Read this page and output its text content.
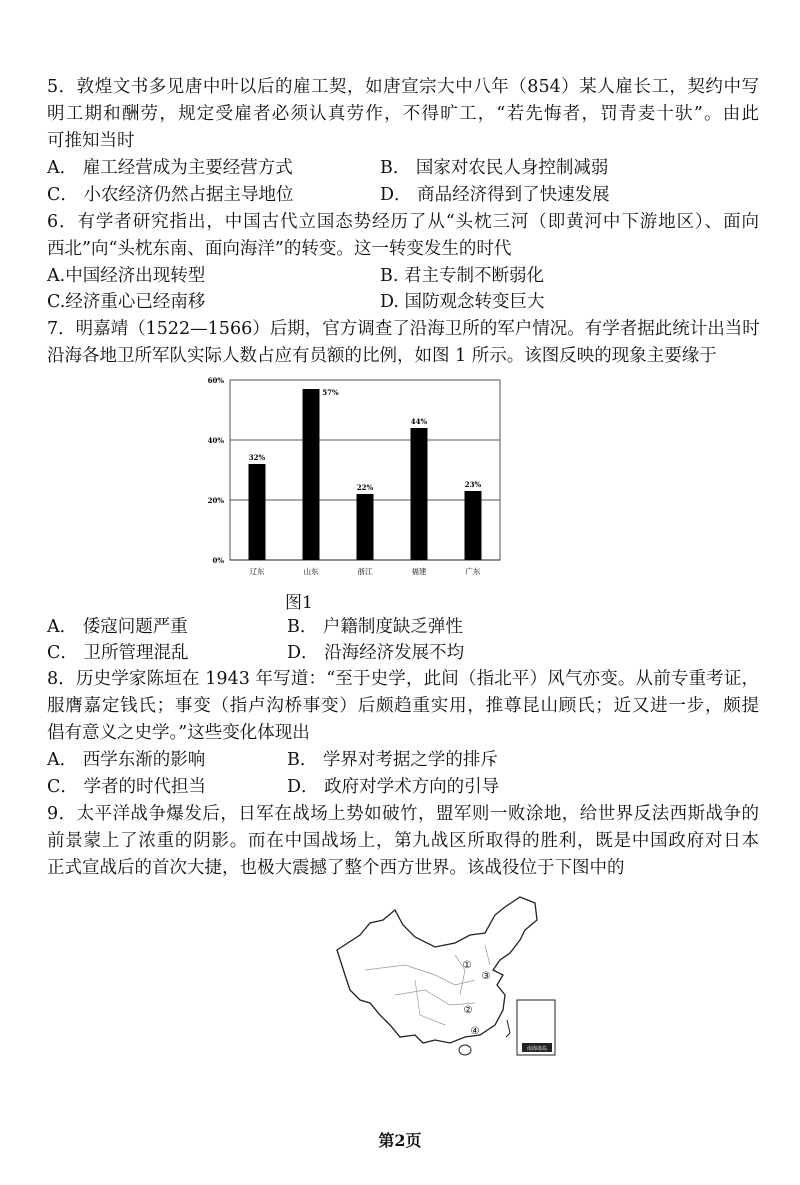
5．敦煌文书多见唐中叶以后的雇工契，如唐宣宗大中八年（854）某人雇长工，契约中写
明工期和酬劳，规定受雇者必须认真劳作，不得旷工，“若先悔者，罚青麦十驮”。由此
可推知当时
A． 雇工经营成为主要经营方式	B． 国家对农民人身控制减弱
C． 小农经济仍然占据主导地位	D． 商品经济得到了快速发展
6．有学者研究指出，中国古代立国态势经历了从“头枕三河（即黄河中下游地区）、面向
西北”向“头枕东南、面向海洋”的转变。这一转变发生的时代
A.中国经济出现转型	B. 君主专制不断弱化
C.经济重心已经南移	D. 国防观念转变巨大
7．明嘉靖（1522—1566）后期，官方调查了沿海卫所的军户情况。有学者据此统计出当时
沿海各地卫所军队实际人数占应有员额的比例，如图 1 所示。该图反映的现象主要缘于
0%
20%
40%
60%
32%
辽东
57%
山东
22%
浙江
44%
福建
23%
广东
图1
A． 倭寇问题严重	B． 户籍制度缺乏弹性
C． 卫所管理混乱	D． 沿海经济发展不均
8．历史学家陈垣在 1943 年写道：“至于史学，此间（指北平）风气亦变。从前专重考证，
服膺嘉定钱氏；事变（指卢沟桥事变）后颇趋重实用，推尊昆山顾氏；近又进一步，颇提
倡有意义之史学。”这些变化体现出
A． 西学东渐的影响	B． 学界对考据之学的排斥
C． 学者的时代担当	D． 政府对学术方向的引导
9．太平洋战争爆发后，日军在战场上势如破竹，盟军则一败涂地，给世界反法西斯战争的
前景蒙上了浓重的阴影。而在中国战场上，第九战区所取得的胜利，既是中国政府对日本
正式宣战后的首次大捷，也极大震撼了整个西方世界。该战役位于下图中的
南海诸岛
①
②
③
④
第2页
